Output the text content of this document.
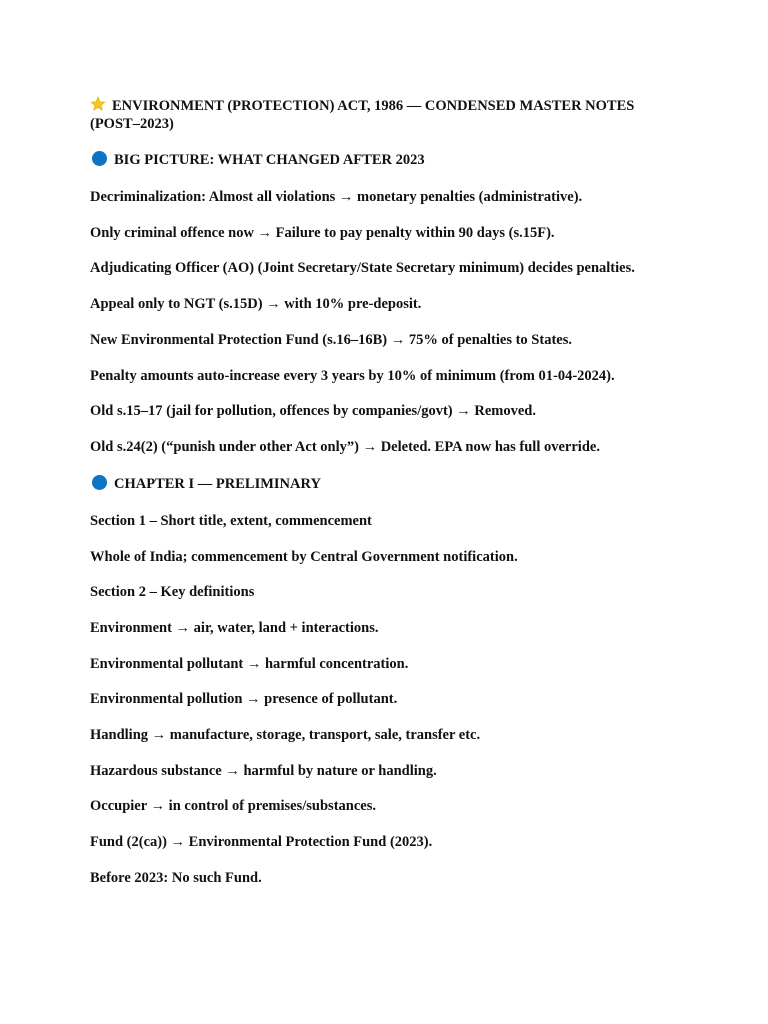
ENVIRONMENT (PROTECTION) ACT, 1986 — CONDENSED MASTER NOTES (POST–2023)
BIG PICTURE: WHAT CHANGED AFTER 2023
Decriminalization: Almost all violations → monetary penalties (administrative).
Only criminal offence now → Failure to pay penalty within 90 days (s.15F).
Adjudicating Officer (AO) (Joint Secretary/State Secretary minimum) decides penalties.
Appeal only to NGT (s.15D) → with 10% pre-deposit.
New Environmental Protection Fund (s.16–16B) → 75% of penalties to States.
Penalty amounts auto-increase every 3 years by 10% of minimum (from 01-04-2024).
Old s.15–17 (jail for pollution, offences by companies/govt) → Removed.
Old s.24(2) (“punish under other Act only”) → Deleted. EPA now has full override.
CHAPTER I — PRELIMINARY
Section 1 – Short title, extent, commencement
Whole of India; commencement by Central Government notification.
Section 2 – Key definitions
Environment → air, water, land + interactions.
Environmental pollutant → harmful concentration.
Environmental pollution → presence of pollutant.
Handling → manufacture, storage, transport, sale, transfer etc.
Hazardous substance → harmful by nature or handling.
Occupier → in control of premises/substances.
Fund (2(ca)) → Environmental Protection Fund (2023).
Before 2023: No such Fund.
